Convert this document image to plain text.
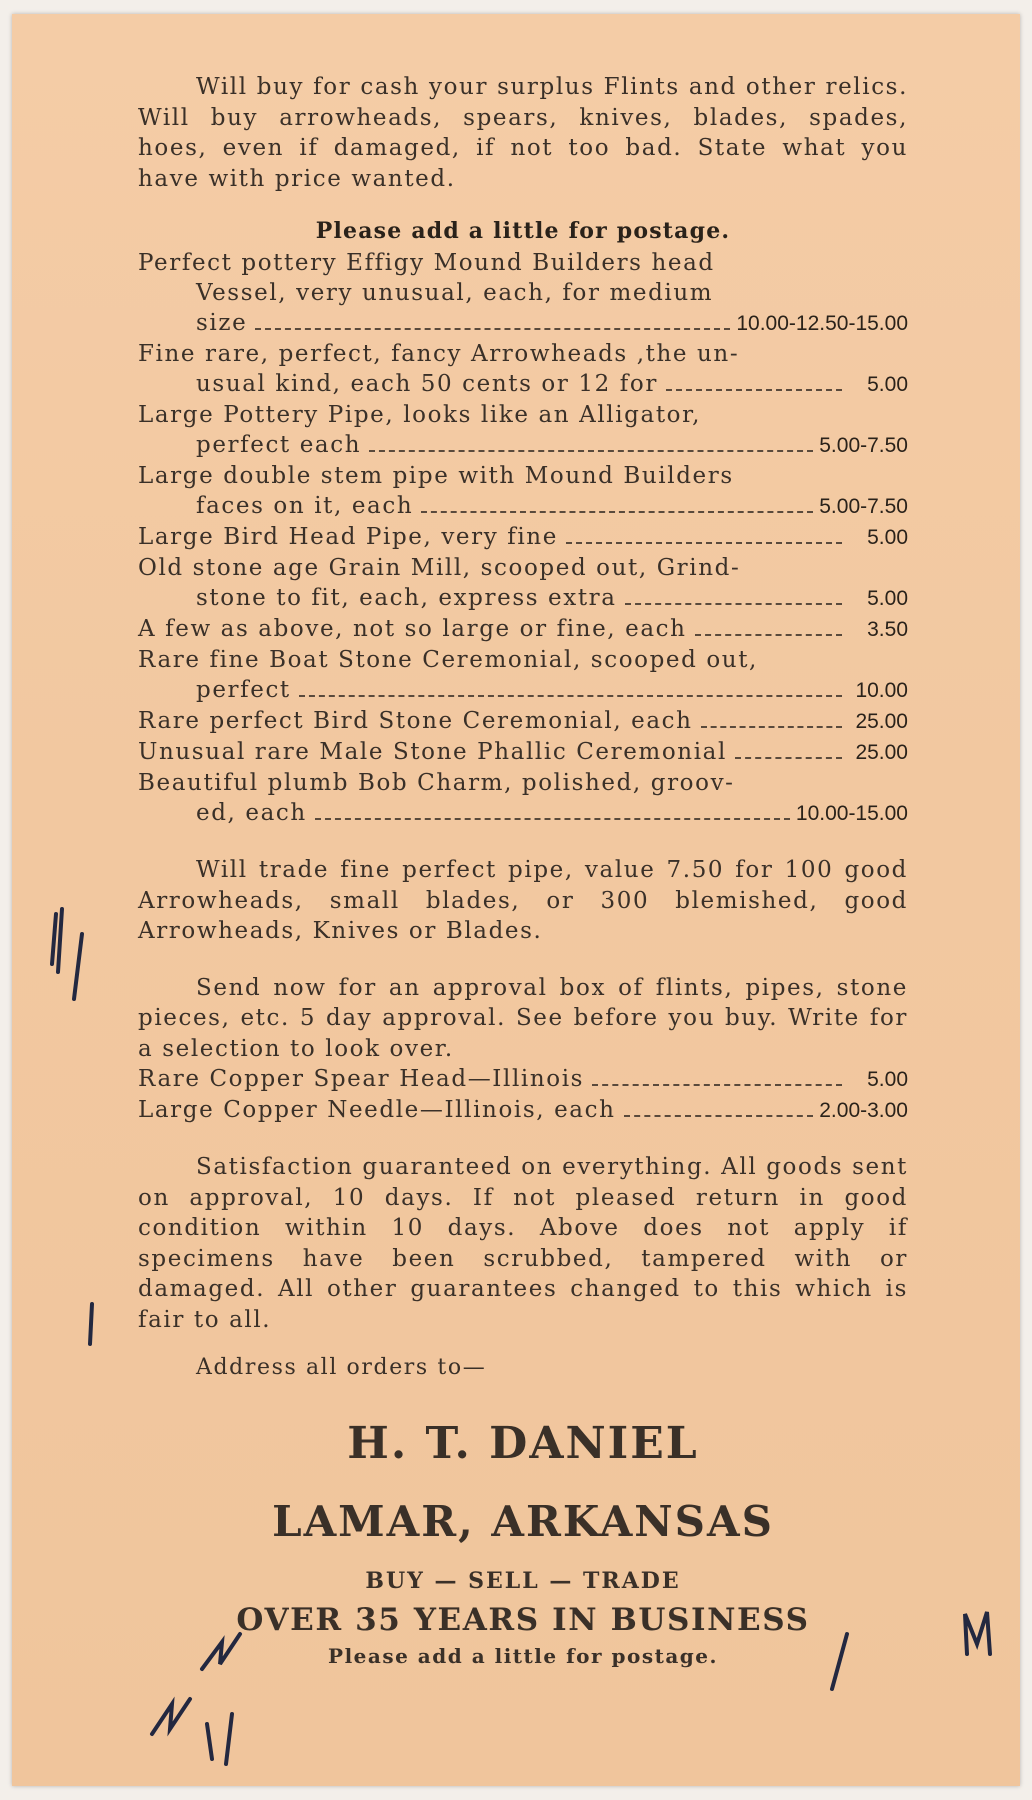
Will buy for cash your surplus Flints and other relics. Will buy arrowheads, spears, knives, blades, spades, hoes, even if damaged, if not too bad. State what you have with price wanted.

Please add a little for postage.
Perfect pottery Effigy Mound Builders head
Vessel, very unusual, each, for medium
size	10.00-12.50-15.00
Fine rare, perfect, fancy Arrowheads ,the un-
usual kind, each 50 cents or 12 for	5.00
Large Pottery Pipe, looks like an Alligator,
perfect each	5.00-7.50
Large double stem pipe with Mound Builders
faces on it, each	5.00-7.50
Large Bird Head Pipe, very fine	5.00
Old stone age Grain Mill, scooped out, Grind-
stone to fit, each, express extra	5.00
A few as above, not so large or fine, each	3.50
Rare fine Boat Stone Ceremonial, scooped out,
perfect	10.00
Rare perfect Bird Stone Ceremonial, each	25.00
Unusual rare Male Stone Phallic Ceremonial	25.00
Beautiful plumb Bob Charm, polished, groov-
ed, each	10.00-15.00

Will trade fine perfect pipe, value 7.50 for 100 good Arrowheads, small blades, or 300 blemished, good Arrowheads, Knives or Blades.

Send now for an approval box of flints, pipes, stone pieces, etc. 5 day approval. See before you buy. Write for a selection to look over.

Rare Copper Spear Head—Illinois	5.00
Large Copper Needle—Illinois, each	2.00-3.00

Satisfaction guaranteed on everything. All goods sent on approval, 10 days. If not pleased return in good condition within 10 days. Above does not apply if specimens have been scrubbed, tampered with or damaged. All other guarantees changed to this which is fair to all.

Address all orders to—
H. T. DANIEL
LAMAR, ARKANSAS
BUY — SELL — TRADE
OVER 35 YEARS IN BUSINESS
Please add a little for postage.
